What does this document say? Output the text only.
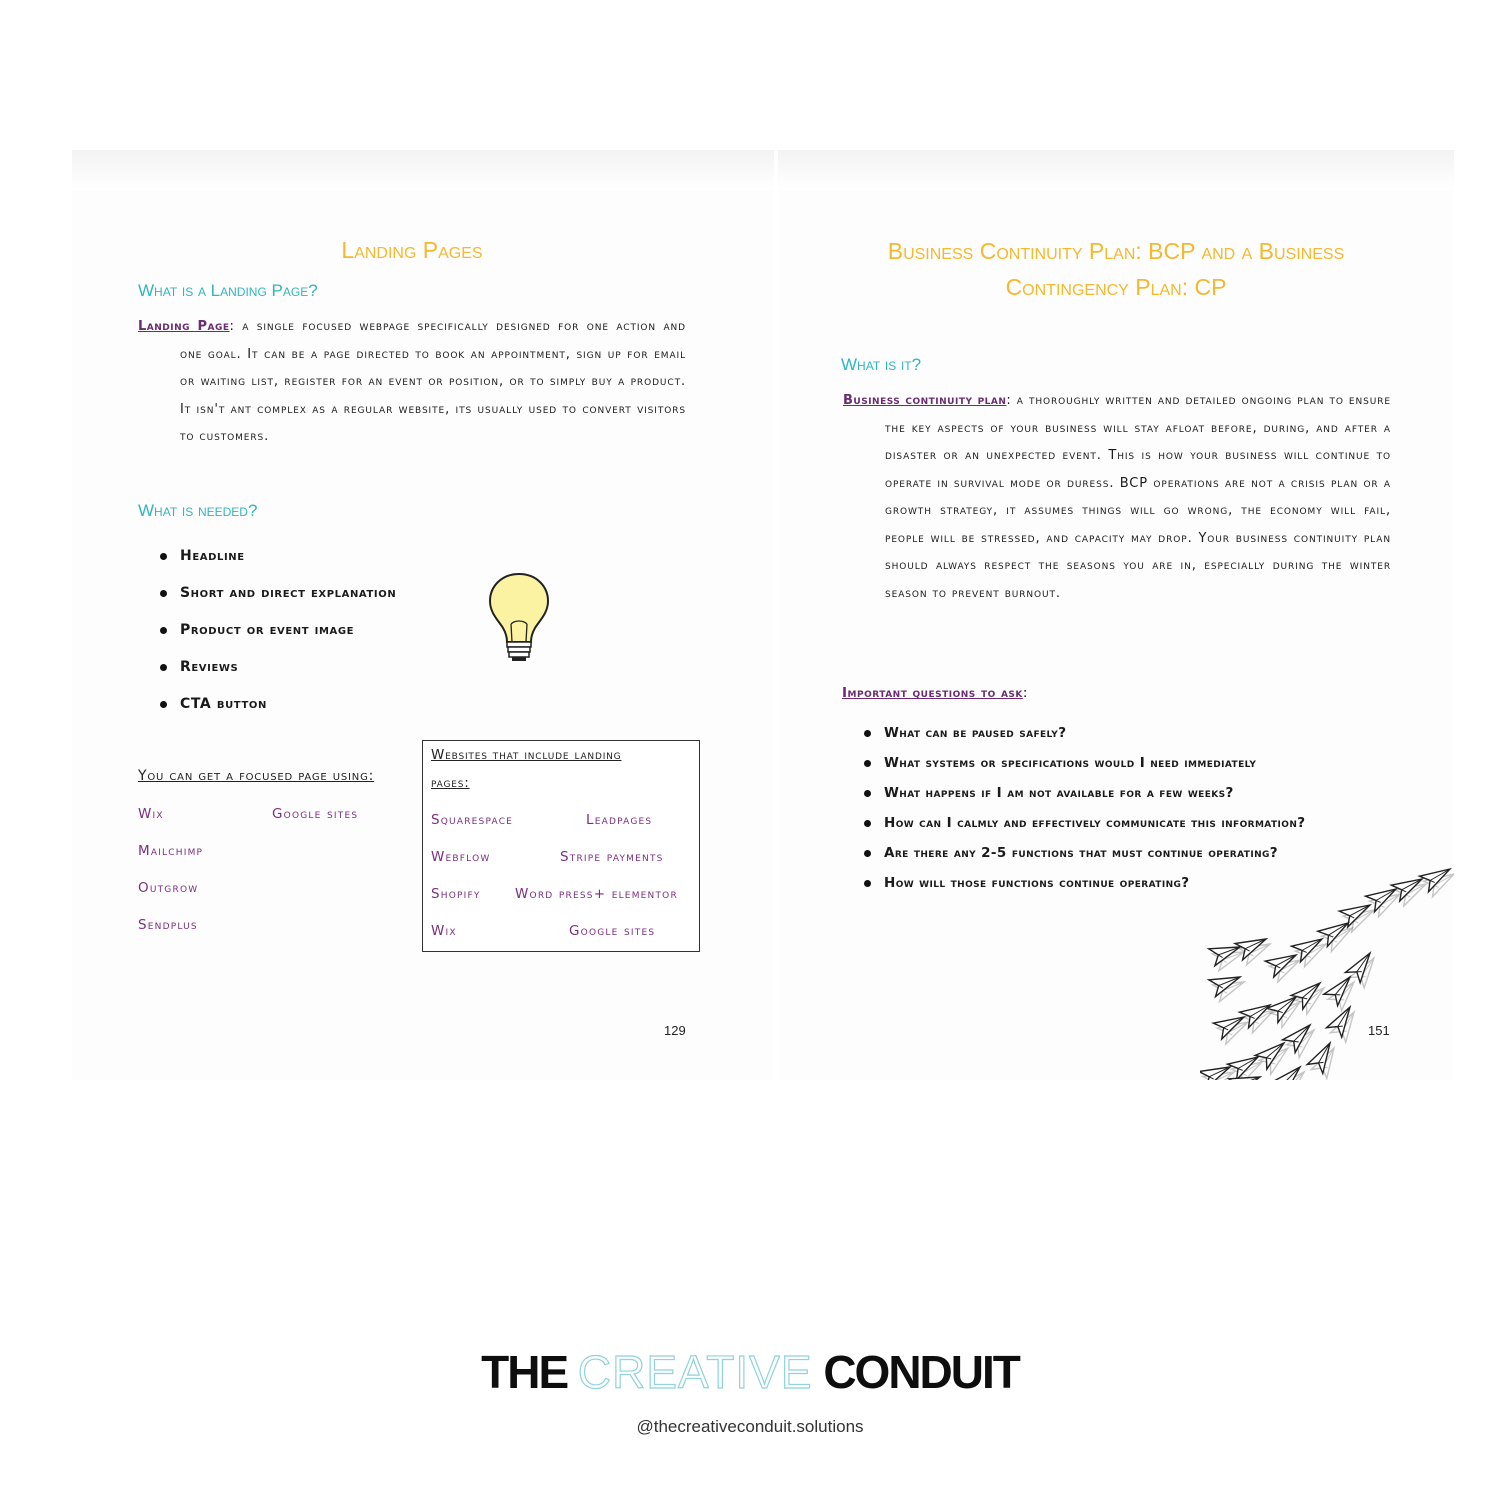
Landing Pages
What is a Landing Page?
Landing Page: a single focused webpage specifically designed for one action and one goal. It can be a page directed to book an appointment, sign up for email or waiting list, register for an event or position, or to simply buy a product. It isn't ant complex as a regular website, its usually used to convert visitors to customers.
What is needed?
Headline
Short and direct explanation
Product or event image
Reviews
CTA button
You can get a focused page using:
Wix	Google sites
Mailchimp
Outgrow
Sendplus
Websites that include landing
pages:
Squarespace	Leadpages
Webflow	Stripe payments
Shopify	Word press+ elementor
Wix	Google sites
129
Business Continuity Plan: BCP and a Business
Contingency Plan: CP
What is it?
Business continuity plan: a thoroughly written and detailed ongoing plan to ensure the key aspects of your business will stay afloat before, during, and after a disaster or an unexpected event. This is how your business will continue to operate in survival mode or duress. BCP operations are not a crisis plan or a growth strategy, it assumes things will go wrong, the economy will fail, people will be stressed, and capacity may drop. Your business continuity plan should always respect the seasons you are in, especially during the winter season to prevent burnout.
Important questions to ask:
What can be paused safely?
What systems or specifications would I need immediately
What happens if I am not available for a few weeks?
How can I calmly and effectively communicate this information?
Are there any 2-5 functions that must continue operating?
How will those functions continue operating?
151
THE CREATIVE CONDUIT
@thecreativeconduit.solutions
